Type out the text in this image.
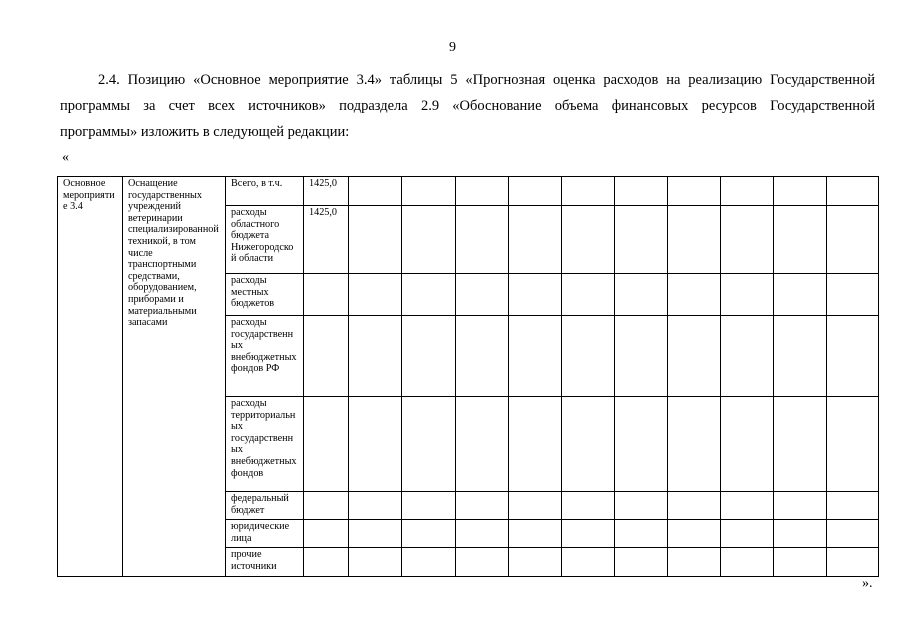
9

2.4. Позицию «Основное мероприятие 3.4» таблицы 5 «Прогнозная оценка расходов на реализацию Государственной

программы за счет всех источников» подраздела 2.9 «Обоснование объема финансовых ресурсов Государственной

программы» изложить в следующей редакции:

«
Основное мероприятие 3.4	Оснащение государственных учреждений ветеринарии специализированной техникой, в том числе транспортными средствами, оборудованием, приборами и материальными запасами	Всего, в т.ч.	1425,0										
		расходы областного бюджета Нижегородской области	1425,0										
		расходы местных бюджетов											
		расходы государственных внебюджетных фондов РФ											
		расходы территориальных государственных внебюджетных фондов											
		федеральный бюджет											
		юридические лица											
		прочие источники											
».
